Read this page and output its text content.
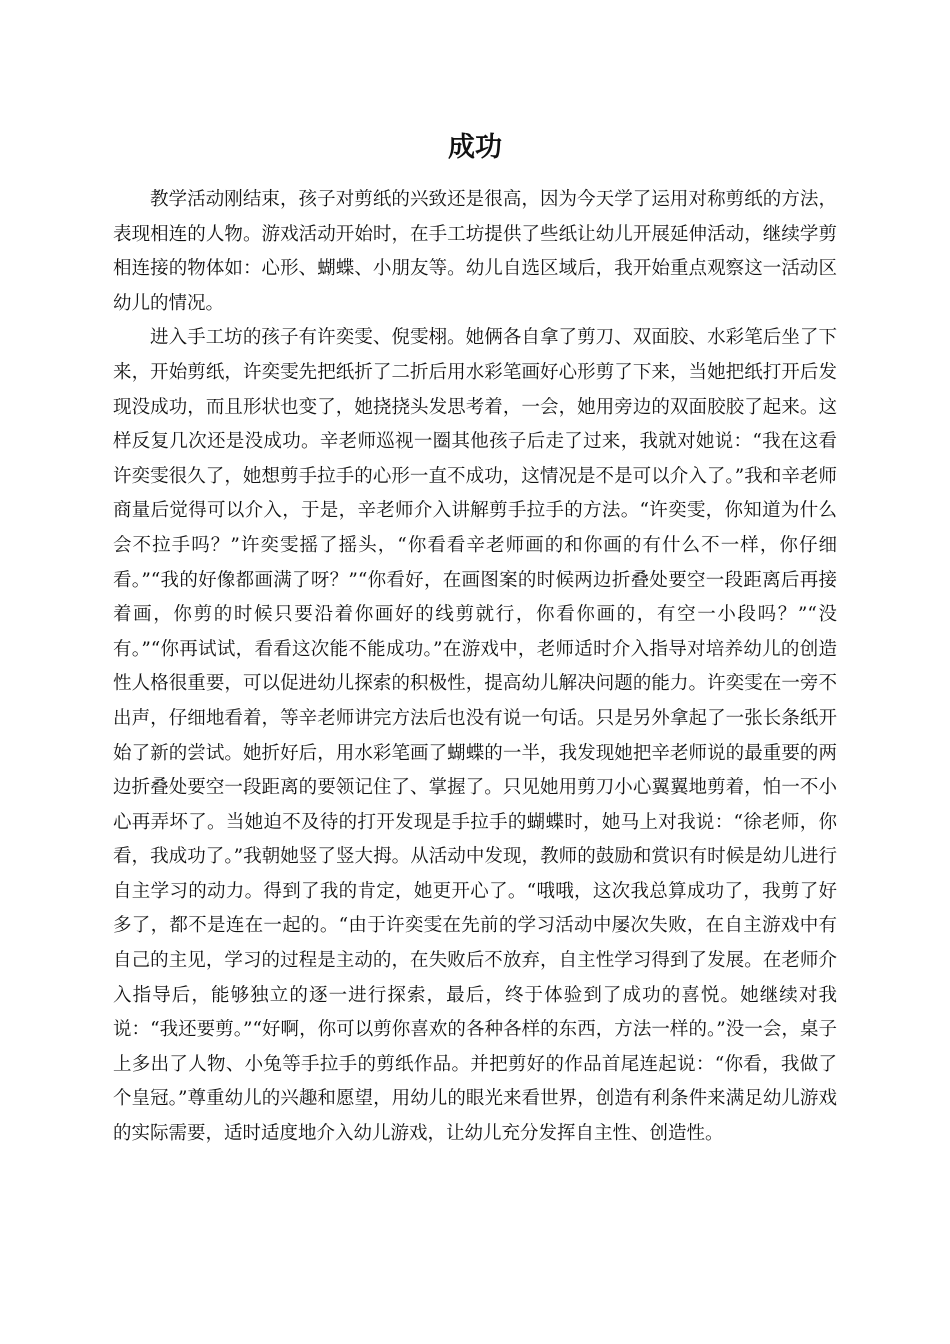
成功

教学活动刚结束，孩子对剪纸的兴致还是很高，因为今天学了运用对称剪纸的方法，表现相连的人物。游戏活动开始时，在手工坊提供了些纸让幼儿开展延伸活动，继续学剪相连接的物体如：心形、蝴蝶、小朋友等。幼儿自选区域后，我开始重点观察这一活动区幼儿的情况。

进入手工坊的孩子有许奕雯、倪雯栩。她俩各自拿了剪刀、双面胶、水彩笔后坐了下来，开始剪纸，许奕雯先把纸折了二折后用水彩笔画好心形剪了下来，当她把纸打开后发现没成功，而且形状也变了，她挠挠头发思考着，一会，她用旁边的双面胶胶了起来。这样反复几次还是没成功。辛老师巡视一圈其他孩子后走了过来，我就对她说：“我在这看许奕雯很久了，她想剪手拉手的心形一直不成功，这情况是不是可以介入了。”我和辛老师商量后觉得可以介入，于是，辛老师介入讲解剪手拉手的方法。“许奕雯，你知道为什么会不拉手吗？”许奕雯摇了摇头，“你看看辛老师画的和你画的有什么不一样，你仔细看。”“我的好像都画满了呀？”“你看好，在画图案的时候两边折叠处要空一段距离后再接着画，你剪的时候只要沿着你画好的线剪就行，你看你画的，有空一小段吗？”“没有。”“你再试试，看看这次能不能成功。”在游戏中，老师适时介入指导对培养幼儿的创造性人格很重要，可以促进幼儿探索的积极性，提高幼儿解决问题的能力。许奕雯在一旁不出声，仔细地看着，等辛老师讲完方法后也没有说一句话。只是另外拿起了一张长条纸开始了新的尝试。她折好后，用水彩笔画了蝴蝶的一半，我发现她把辛老师说的最重要的两边折叠处要空一段距离的要领记住了、掌握了。只见她用剪刀小心翼翼地剪着，怕一不小心再弄坏了。当她迫不及待的打开发现是手拉手的蝴蝶时，她马上对我说：“徐老师，你看，我成功了。”我朝她竖了竖大拇。从活动中发现，教师的鼓励和赏识有时候是幼儿进行自主学习的动力。得到了我的肯定，她更开心了。“哦哦，这次我总算成功了，我剪了好多了，都不是连在一起的。“由于许奕雯在先前的学习活动中屡次失败，在自主游戏中有自己的主见，学习的过程是主动的，在失败后不放弃，自主性学习得到了发展。在老师介入指导后，能够独立的逐一进行探索，最后，终于体验到了成功的喜悦。她继续对我说：“我还要剪。”“好啊，你可以剪你喜欢的各种各样的东西，方法一样的。”没一会，桌子上多出了人物、小兔等手拉手的剪纸作品。并把剪好的作品首尾连起说：“你看，我做了个皇冠。”尊重幼儿的兴趣和愿望，用幼儿的眼光来看世界，创造有利条件来满足幼儿游戏的实际需要，适时适度地介入幼儿游戏，让幼儿充分发挥自主性、创造性。
